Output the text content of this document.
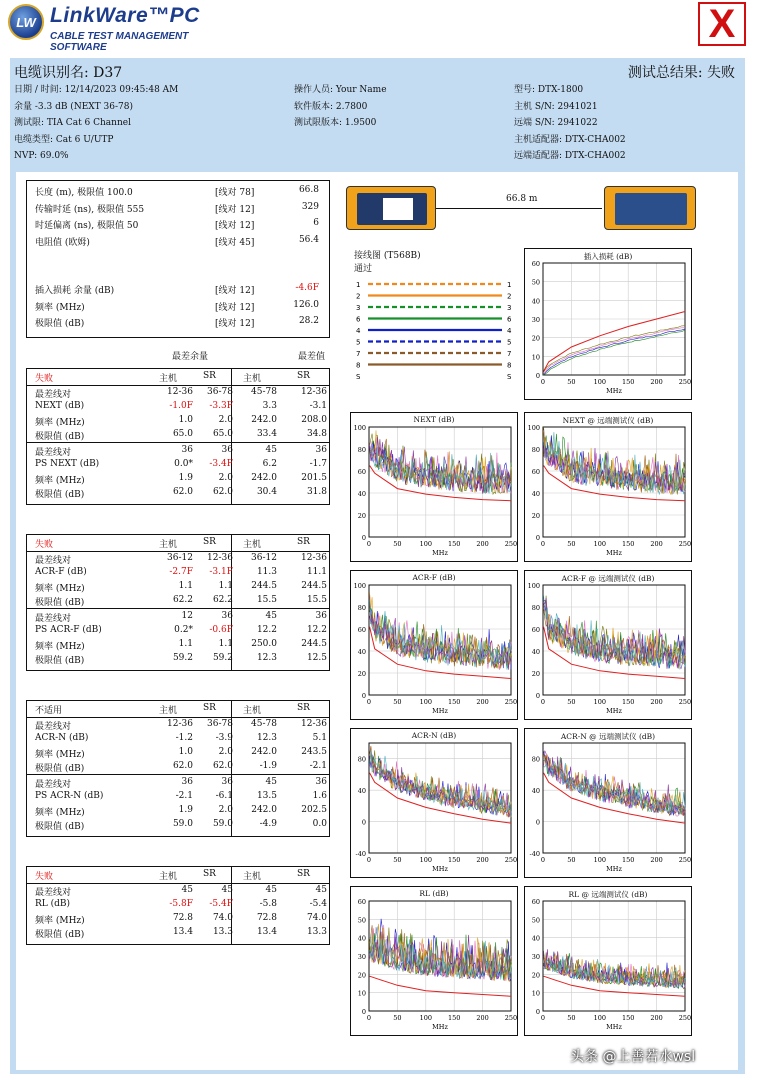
LW LinkWare™PC
CABLE TEST MANAGEMENT SOFTWARE
X
电缆识别名: D37	测试总结果: 失败
日期 / 时间: 12/14/2023 09:45:48 AM
余量 -3.3 dB (NEXT 36-78)
测试限: TIA Cat 6 Channel
电缆类型: Cat 6 U/UTP
NVP: 69.0%
操作人员: Your Name
软件版本: 2.7800
测试限版本: 1.9500
型号: DTX-1800
主机 S/N: 2941021
远端 S/N: 2941022
主机适配器: DTX-CHA002
远端适配器: DTX-CHA002
长度 (m), 极限值 100.0	[线对 78]	66.8
传输时延 (ns), 极限值 555	[线对 12]	329
时延偏离 (ns), 极限值 50	[线对 12]	6
电阻值 (欧姆)	[线对 45]	56.4
插入损耗 余量 (dB)	[线对 12]	-4.6F
频率 (MHz)	[线对 12]	126.0
极限值 (dB)	[线对 12]	28.2
最差余量	最差值
66.8 m
接线图 (T568B)
通过
1	1
2	2
3	3
6	6
4	4
5	5
7	7
8	8
S	S
失败	主机	SR	主机	SR
最差线对	12-36	36-78	45-78	12-36
NEXT (dB)	-1.0F	-3.3F	3.3	-3.1
频率 (MHz)	1.0	2.0	242.0	208.0
极限值 (dB)	65.0	65.0	33.4	34.8
最差线对	36	36	45	36
PS NEXT (dB)	0.0*	-3.4F	6.2	-1.7
频率 (MHz)	1.9	2.0	242.0	201.5
极限值 (dB)	62.0	62.0	30.4	31.8
失败	主机	SR	主机	SR
最差线对	36-12	12-36	36-12	12-36
ACR-F (dB)	-2.7F	-3.1F	11.3	11.1
频率 (MHz)	1.1	1.1	244.5	244.5
极限值 (dB)	62.2	62.2	15.5	15.5
最差线对	12	36	45	36
PS ACR-F (dB)	0.2*	-0.6F	12.2	12.2
频率 (MHz)	1.1	1.1	250.0	244.5
极限值 (dB)	59.2	59.2	12.3	12.5
不适用	主机	SR	主机	SR
最差线对	12-36	36-78	45-78	12-36
ACR-N (dB)	-1.2	-3.9	12.3	5.1
频率 (MHz)	1.0	2.0	242.0	243.5
极限值 (dB)	62.0	62.0	-1.9	-2.1
最差线对	36	36	45	36
PS ACR-N (dB)	-2.1	-6.1	13.5	1.6
频率 (MHz)	1.9	2.0	242.0	202.5
极限值 (dB)	59.0	59.0	-4.9	0.0
失败	主机	SR	主机	SR
最差线对	45	45	45	45
RL (dB)	-5.8F	-5.4F	-5.8	-5.4
频率 (MHz)	72.8	74.0	72.8	74.0
极限值 (dB)	13.4	13.3	13.4	13.3
插入损耗 (dB)
0
10
20
30
40
50
60
0	50	100 150 200 250
MHz
NEXT (dB)
0
20
40
60
80
100
0	50	100 150 200 250
MHz
NEXT @ 远端测试仪 (dB)
0
20
40
60
80
100
0	50	100 150 200 250
MHz
ACR-F (dB)
0
20
40
60
80
100
0	50	100 150 200 250
MHz
ACR-F @ 远端测试仪 (dB)
0
20
40
60
80
100
0	50	100 150 200 250
MHz
ACR-N (dB)
-40
0
40
80
0	50	100 150 200 250
MHz
ACR-N @ 远端测试仪 (dB)
-40
0
40
80
0	50	100 150 200 250
MHz
RL (dB)
0
10
20
30
40
50
60
0	50	100 150 200 250
MHz
RL @ 远端测试仪 (dB)
0
10
20
30
40
50
60
0	50	100 150 200 250
MHz
头条 @上善若水wsl
